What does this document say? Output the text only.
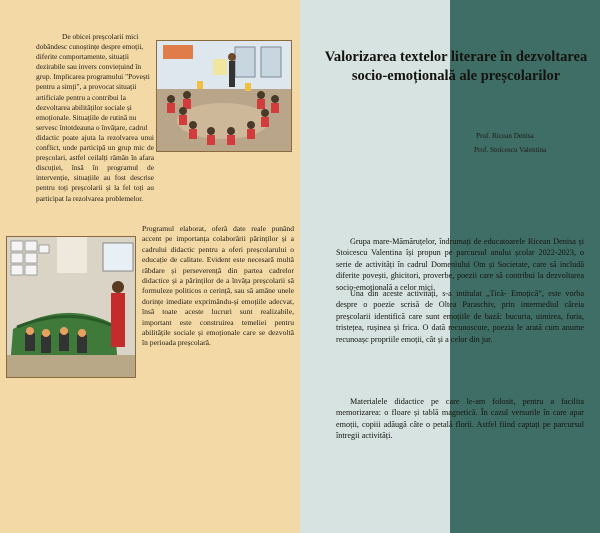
De obicei preșcolarii mici
dobândesc cunoștințe despre emoții,
diferite comportamente, situații
dezirabile sau invers conviețuind în
grup. Implicarea programului "Povești
pentru a simți", a provocat situații
artificiale pentru a contribui la
dezvoltarea abilităților sociale și
emoționale. Situațiile de rutină nu
servesc întotdeauna o învățare, cadrul

didactic poate ajuta la rezolvarea unui conflict, unde participă un grup mic de preșcolari, astfel ceilalți rămân în afara discuției, însă în programul de intervenție, situațiile au fost descrise pentru toți preșcolarii și la fel toți au participat la rezolvarea problemelor.

Programul elaborat, oferă date reale punând accent pe importanța colaborării părinților și a cadrului didactic pentru a oferi preșcolarului o educație de calitate. Evident este necesară multă răbdare și perseverență din partea cadrelor didactice și a părinților de a învăța preșcolarii să formuleze politicos o cerință, sau să amâne unele dorințe imediate exprimându-și emoțiile adecvat, însă toate aceste lucruri sunt realizabile, important este construirea temeliei pentru abilitățile sociale și emoționale care se dezvoltă în perioada preșcolară.

Valorizarea textelor literare în dezvoltarea socio-emoțională ale preșcolarilor

Prof. Ricean Denisa

Prof. Stoicescu Valentina

Grupa mare-Mămăruțelor, îndrumați de educatoarele Ricean Denisa și Stoicescu Valentina își propun pe parcursul anului școlar 2022-2023, o serie de activități în cadrul Domeniului Om și Societate, care să includă diferite povești, ghicitori, proverbe, poezii care să contribui la dezvoltarea socio-emoțională a celor mici.

Una din aceste activități, s-a intitulat „Tică- Emoțică”, este vorba despre o poezie scrisă de Oltea Paraschiv, prin intermediul căreia preșcolarii identifică care sunt emoțiile de bază: bucuria, uimirea, furia, tristețea, rușinea și frica. O dată recunoscute, poezia le arată cum anume recunoașc propriile emoții, cât și a celor din jur.

Materialele didactice pe care le-am folosit, pentru a facilita memorizarea: o floare și tablă magnetică. În cazul versurile în care apar emoții, copiii adăugă câte o petală florii. Astfel fiind captați pe parcursul întregii activități.
